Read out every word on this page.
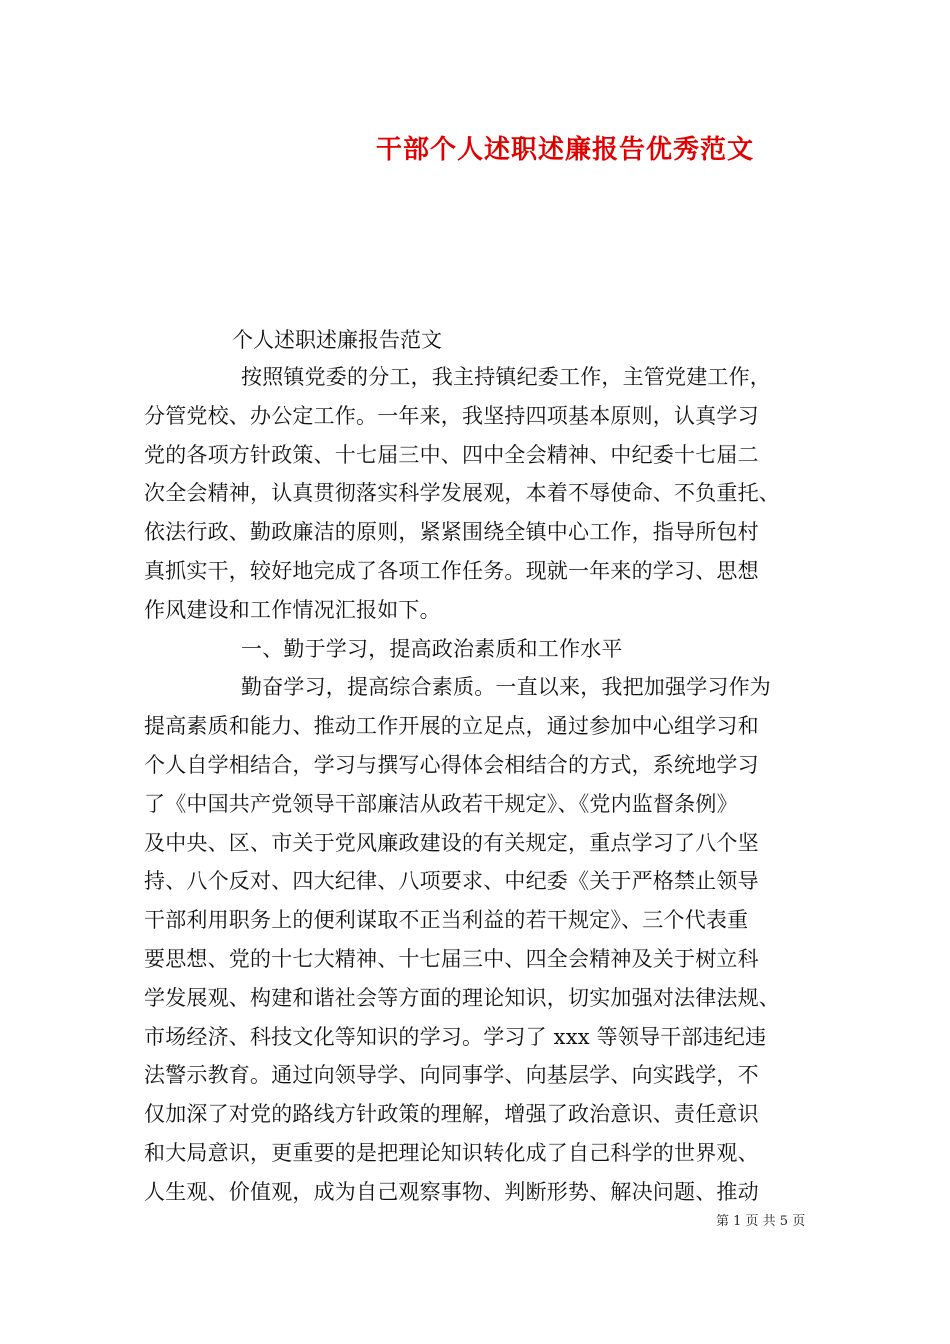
干部个人述职述廉报告优秀范文
个人述职述廉报告范文
按照镇党委的分工，我主持镇纪委工作，主管党建工作，
分管党校、办公定工作。一年来，我坚持四项基本原则，认真学习
党的各项方针政策、十七届三中、四中全会精神、中纪委十七届二
次全会精神，认真贯彻落实科学发展观，本着不辱使命、不负重托、
依法行政、勤政廉洁的原则，紧紧围绕全镇中心工作，指导所包村
真抓实干，较好地完成了各项工作任务。现就一年来的学习、思想
作风建设和工作情况汇报如下。
一、勤于学习，提高政治素质和工作水平
勤奋学习，提高综合素质。一直以来，我把加强学习作为
提高素质和能力、推动工作开展的立足点，通过参加中心组学习和
个人自学相结合，学习与撰写心得体会相结合的方式，系统地学习
了《中国共产党领导干部廉洁从政若干规定》、《党内监督条例》
及中央、区、市关于党风廉政建设的有关规定，重点学习了八个坚
持、八个反对、四大纪律、八项要求、中纪委《关于严格禁止领导
干部利用职务上的便利谋取不正当利益的若干规定》、三个代表重
要思想、党的十七大精神、十七届三中、四全会精神及关于树立科
学发展观、构建和谐社会等方面的理论知识，切实加强对法律法规、
市场经济、科技文化等知识的学习。学习了 xxx 等领导干部违纪违
法警示教育。通过向领导学、向同事学、向基层学、向实践学，不
仅加深了对党的路线方针政策的理解，增强了政治意识、责任意识
和大局意识，更重要的是把理论知识转化成了自己科学的世界观、
人生观、价值观，成为自己观察事物、判断形势、解决问题、推动
第 1 页 共 5 页
